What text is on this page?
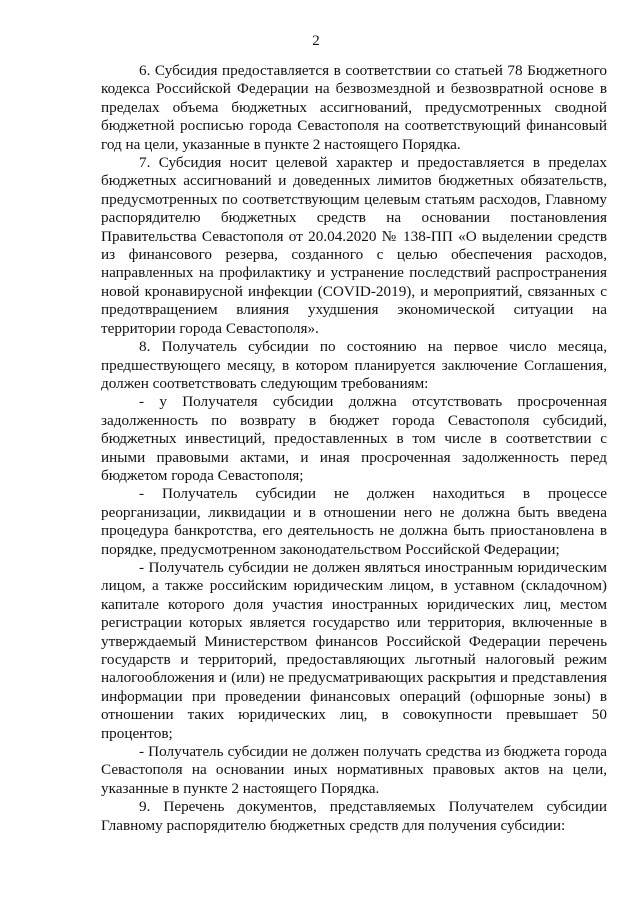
2

6. Субсидия предоставляется в соответствии со статьей 78 Бюджетного кодекса Российской Федерации на безвозмездной и безвозвратной основе в пределах объема бюджетных ассигнований, предусмотренных сводной бюджетной росписью города Севастополя на соответствующий финансовый год на цели, указанные в пункте 2 настоящего Порядка.

7. Субсидия носит целевой характер и предоставляется в пределах бюджетных ассигнований и доведенных лимитов бюджетных обязательств, предусмотренных по соответствующим целевым статьям расходов, Главному распорядителю бюджетных средств на основании постановления Правительства Севастополя от 20.04.2020 № 138-ПП «О выделении средств из финансового резерва, созданного с целью обеспечения расходов, направленных на профилактику и устранение последствий распространения новой кронавирусной инфекции (COVID-2019), и мероприятий, связанных с предотвращением влияния ухудшения экономической ситуации на территории города Севастополя».

8. Получатель субсидии по состоянию на первое число месяца, предшествующего месяцу, в котором планируется заключение Соглашения, должен соответствовать следующим требованиям:

- у Получателя субсидии должна отсутствовать просроченная задолженность по возврату в бюджет города Севастополя субсидий, бюджетных инвестиций, предоставленных в том числе в соответствии с иными правовыми актами, и иная просроченная задолженность перед бюджетом города Севастополя;

- Получатель субсидии не должен находиться в процессе реорганизации, ликвидации и в отношении него не должна быть введена процедура банкротства, его деятельность не должна быть приостановлена в порядке, предусмотренном законодательством Российской Федерации;

- Получатель субсидии не должен являться иностранным юридическим лицом, а также российским юридическим лицом, в уставном (складочном) капитале которого доля участия иностранных юридических лиц, местом регистрации которых является государство или территория, включенные в утверждаемый Министерством финансов Российской Федерации перечень государств и территорий, предоставляющих льготный налоговый режим налогообложения и (или) не предусматривающих раскрытия и представления информации при проведении финансовых операций (офшорные зоны) в отношении таких юридических лиц, в совокупности превышает 50 процентов;

- Получатель субсидии не должен получать средства из бюджета города Севастополя на основании иных нормативных правовых актов на цели, указанные в пункте 2 настоящего Порядка.

9. Перечень документов, представляемых Получателем субсидии Главному распорядителю бюджетных средств для получения субсидии:
